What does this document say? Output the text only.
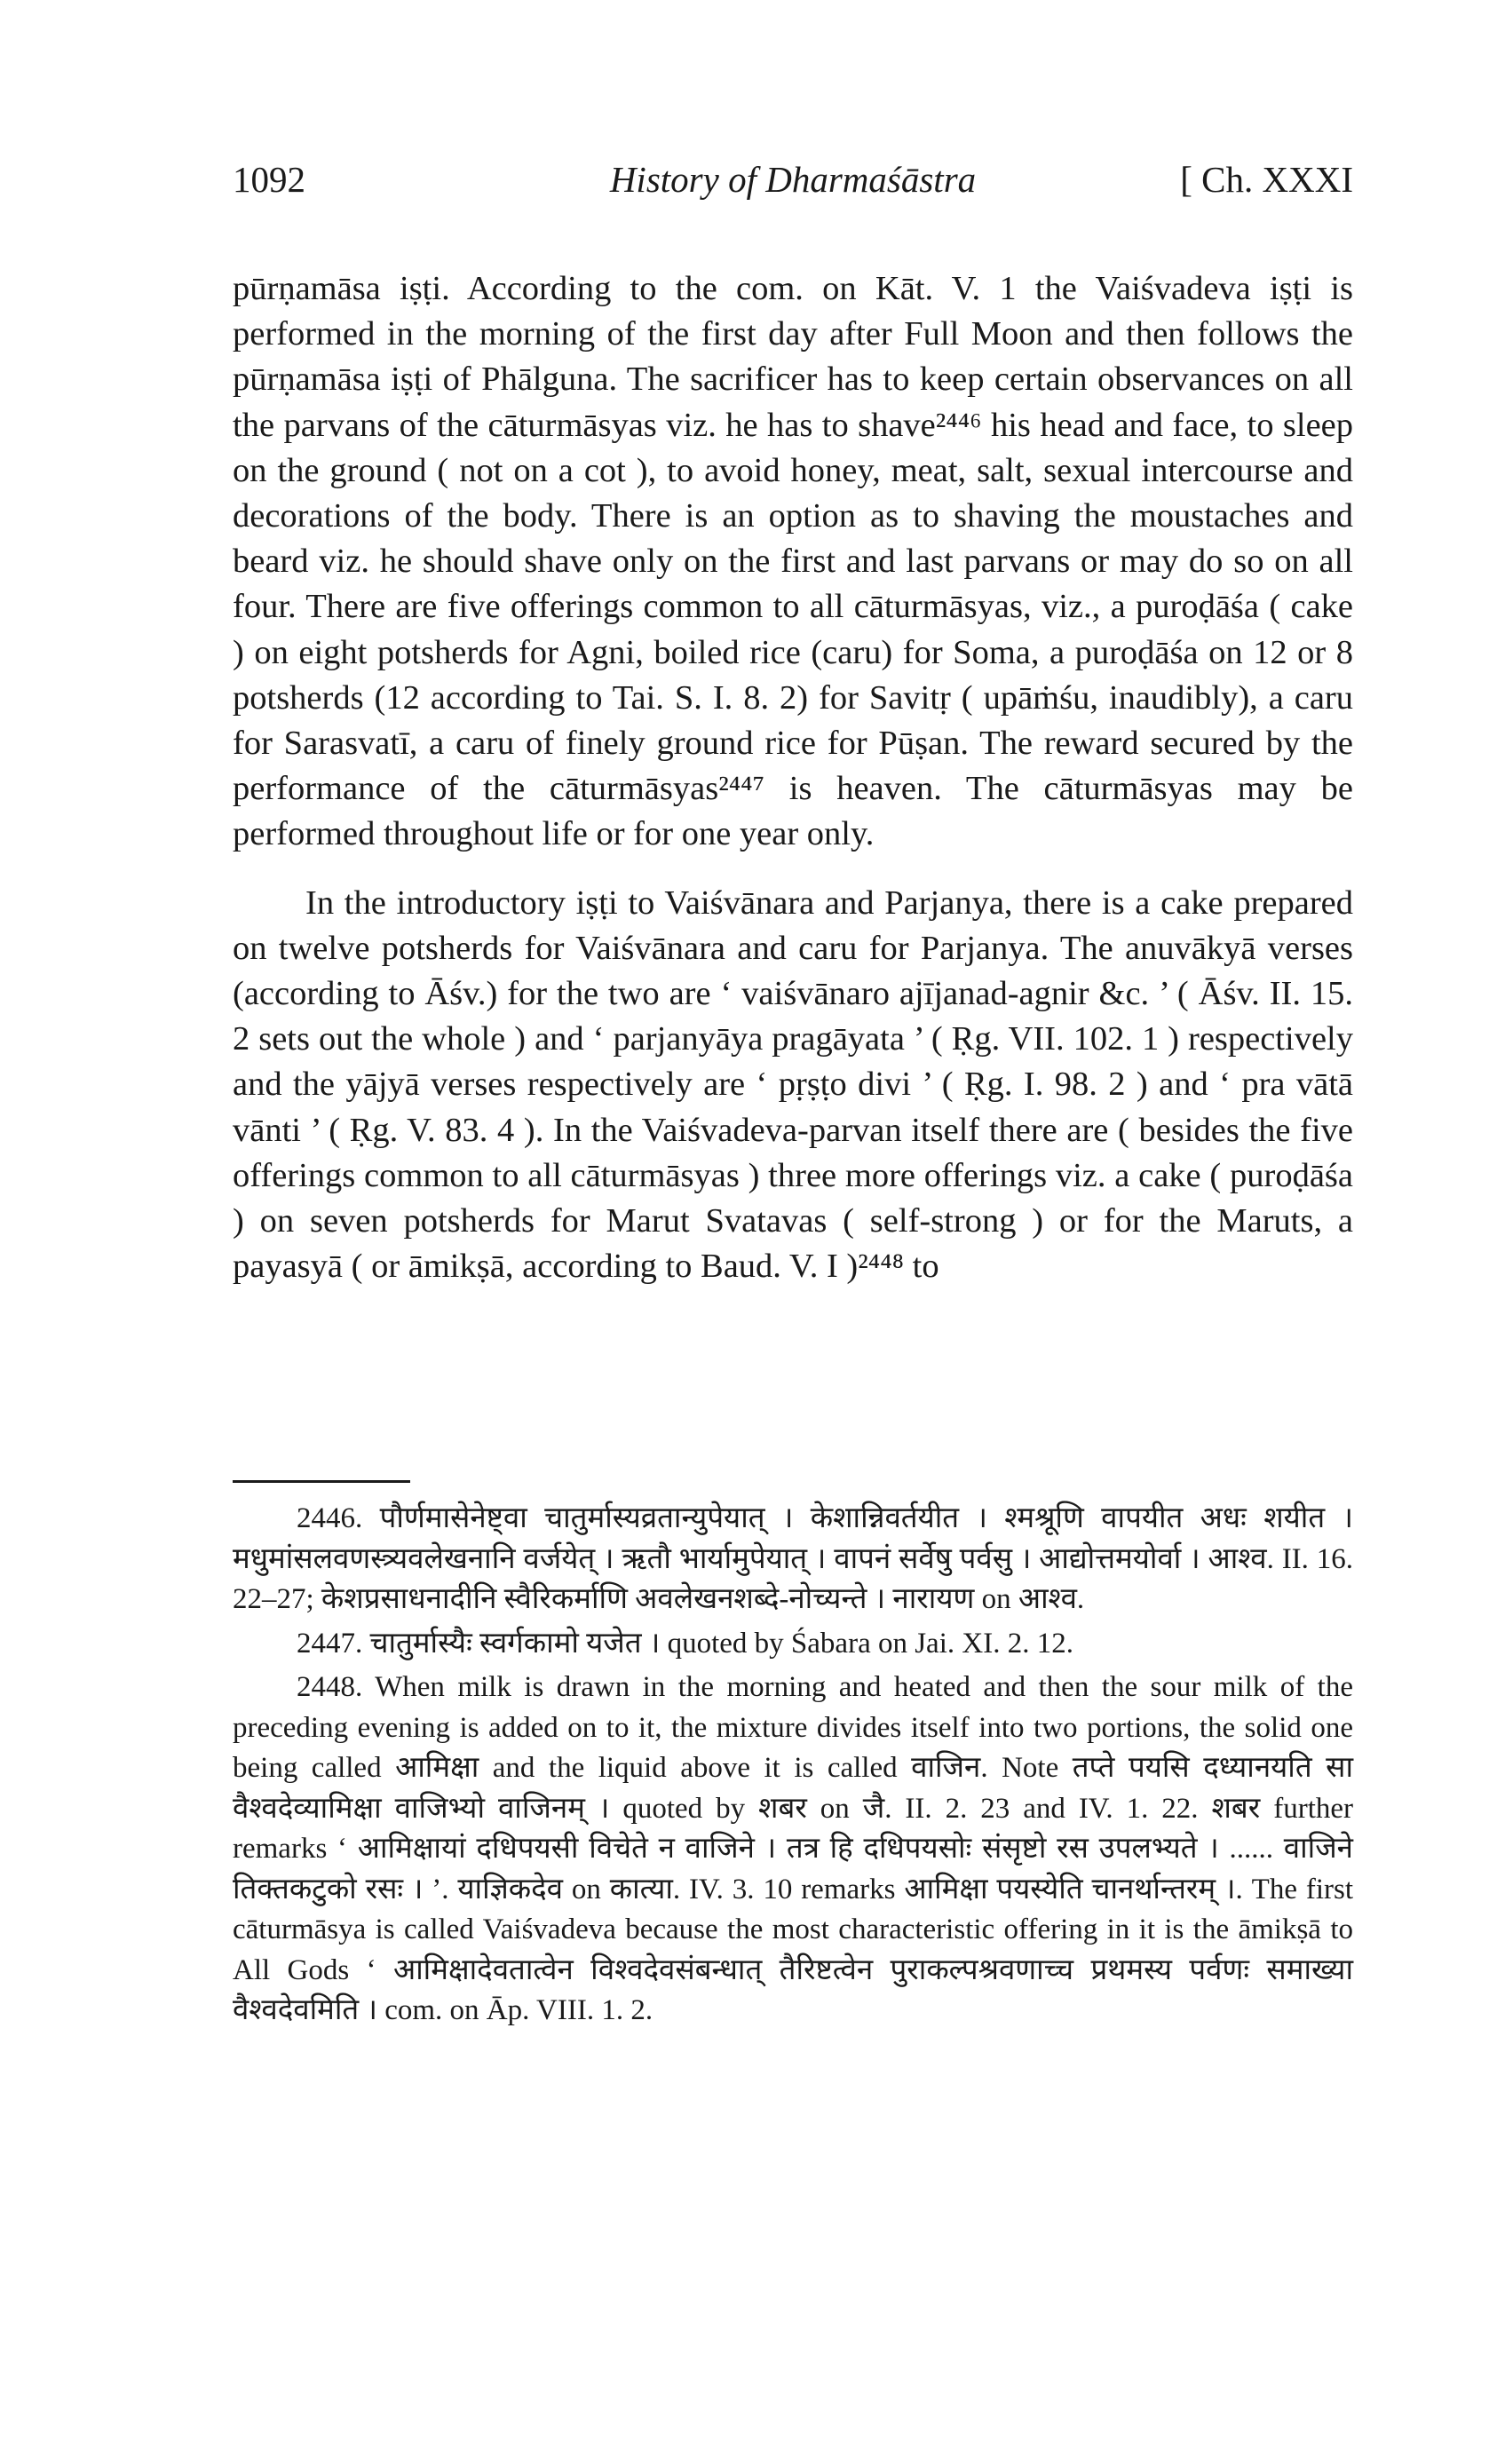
1092	History of Dharmaśāstra	[ Ch. XXXI

pūrṇamāsa iṣṭi. According to the com. on Kāt. V. 1 the Vaiśvadeva iṣṭi is performed in the morning of the first day after Full Moon and then follows the pūrṇamāsa iṣṭi of Phālguna. The sacrificer has to keep certain observances on all the parvans of the cāturmāsyas viz. he has to shave²⁴⁴⁶ his head and face, to sleep on the ground ( not on a cot ), to avoid honey, meat, salt, sexual intercourse and decorations of the body. There is an option as to shaving the moustaches and beard viz. he should shave only on the first and last parvans or may do so on all four. There are five offerings common to all cāturmāsyas, viz., a puroḍāśa ( cake ) on eight potsherds for Agni, boiled rice (caru) for Soma, a puroḍāśa on 12 or 8 potsherds (12 according to Tai. S. I. 8. 2) for Savitṛ ( upāṁśu, inaudibly), a caru for Sarasvatī, a caru of finely ground rice for Pūṣan. The reward secured by the performance of the cāturmāsyas²⁴⁴⁷ is heaven. The cāturmāsyas may be performed throughout life or for one year only.

In the introductory iṣṭi to Vaiśvānara and Parjanya, there is a cake prepared on twelve potsherds for Vaiśvānara and caru for Parjanya. The anuvākyā verses (according to Āśv.) for the two are ‘ vaiśvānaro ajījanad-agnir &c. ’ ( Āśv. II. 15. 2 sets out the whole ) and ‘ parjanyāya pragāyata ’ ( Ṛg. VII. 102. 1 ) respectively and the yājyā verses respectively are ‘ pṛṣṭo divi ’ ( Ṛg. I. 98. 2 ) and ‘ pra vātā vānti ’ ( Ṛg. V. 83. 4 ). In the Vaiśvadeva-parvan itself there are ( besides the five offerings common to all cāturmāsyas ) three more offerings viz. a cake ( puroḍāśa ) on seven potsherds for Marut Svatavas ( self-strong ) or for the Maruts, a payasyā ( or āmikṣā, according to Baud. V. I )²⁴⁴⁸ to

2446. पौर्णमासेनेष्ट्वा चातुर्मास्यव्रतान्युपेयात् । केशान्निवर्तयीत । श्मश्रूणि वापयीत अधः शयीत । मधुमांसलवणस्त्र्यवलेखनानि वर्जयेत् । ऋतौ भार्यामुपेयात् । वापनं सर्वेषु पर्वसु । आद्योत्तमयोर्वा । आश्व. II. 16. 22–27; केशप्रसाधनादीनि स्वैरिकर्माणि अवलेखनशब्दे-नोच्यन्ते । नारायण on आश्व.

2447. चातुर्मास्यैः स्वर्गकामो यजेत । quoted by Śabara on Jai. XI. 2. 12.

2448. When milk is drawn in the morning and heated and then the sour milk of the preceding evening is added on to it, the mixture divides itself into two portions, the solid one being called आमिक्षा and the liquid above it is called वाजिन. Note तप्ते पयसि दध्यानयति सा वैश्वदेव्यामिक्षा वाजिभ्यो वाजिनम् । quoted by शबर on जै. II. 2. 23 and IV. 1. 22. शबर further remarks ‘ आमिक्षायां दधिपयसी विचेते न वाजिने । तत्र हि दधिपयसोः संसृष्टो रस उपलभ्यते । ...... वाजिने तिक्तकटुको रसः । ’. याज्ञिकदेव on कात्या. IV. 3. 10 remarks आमिक्षा पयस्येति चानर्थान्तरम् ।. The first cāturmāsya is called Vaiśvadeva because the most characteristic offering in it is the āmikṣā to All Gods ‘ आमिक्षादेवतात्वेन विश्वदेवसंबन्धात् तैरिष्टत्वेन पुराकल्पश्रवणाच्च प्रथमस्य पर्वणः समाख्या वैश्वदेवमिति । com. on Āp. VIII. 1. 2.
